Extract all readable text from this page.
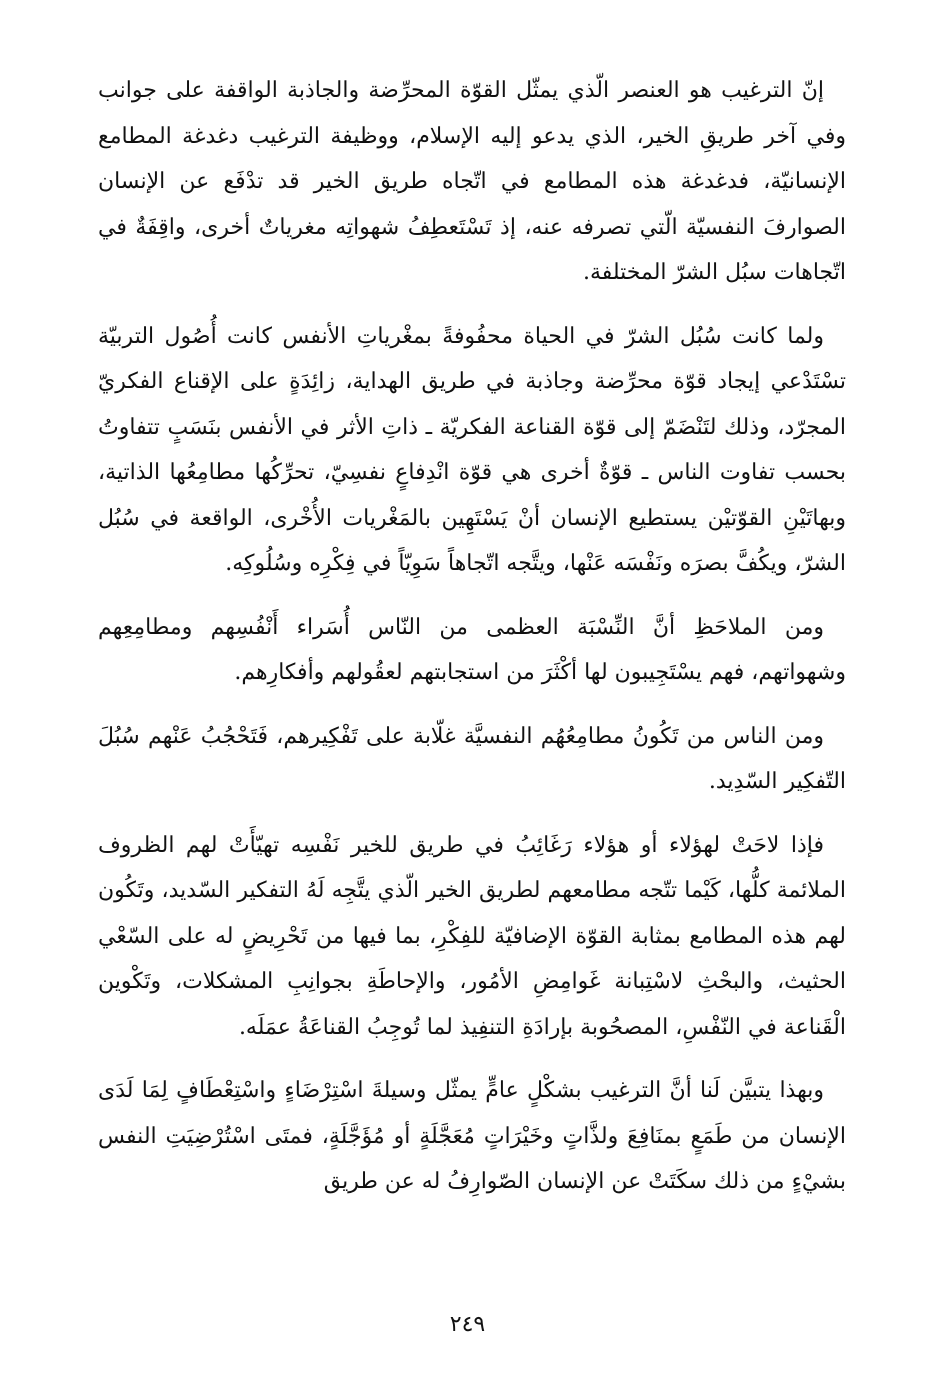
إنّ الترغيب هو العنصر الّذي يمثّل القوّة المحرِّضة والجاذبة الواقفة على جوانب وفي آخر طريقِ الخير، الذي يدعو إليه الإسلام، ووظيفة الترغيب دغدغة المطامع الإنسانيّة، فدغدغة هذه المطامع في اتّجاه طريق الخير قد تدْفَع عن الإنسان الصوارفَ النفسيّة الّتي تصرفه عنه، إذ تَسْتَعطِفُ شهواتِه مغرياتٌ أخرى، واقِفَةٌ في اتّجاهات سبُل الشرّ المختلفة.

ولما كانت سُبُل الشرّ في الحياة محفُوفةً بمغْرياتِ الأنفس كانت أُصُول التربيّة تسْتَدْعي إيجاد قوّة محرِّضة وجاذبة في طريق الهداية، زائِدَةٍ على الإقناع الفكريّ المجرّد، وذلك لتَنْضَمّ إلى قوّة القناعة الفكريّة ـ ذاتِ الأثر في الأنفس بنَسَبٍ تتفاوتُ بحسب تفاوت الناس ـ قوّةٌ أخرى هي قوّة انْدِفاعٍ نفسِيّ، تحرِّكُها مطامِعُها الذاتية، وبهاتَيْنِ القوّتيْن يستطيع الإنسان أنْ يَسْتَهِين بالمَغْريات الأُخْرى، الواقعة في سُبُل الشرّ، ويكُفَّ بصرَه ونَفْسَه عَنْها، ويتَّجه اتّجاهاً سَوِيّاً في فِكْرِه وسُلُوكِه.

ومن الملاحَظِ أنَّ النِّسْبَة العظمى من النّاس أُسَراء أَنْفُسِهم ومطامِعِهم وشهواتهم، فهم يسْتَجِيبون لها أكْثَرَ من استجابتهم لعقُولهم وأفكارِهم.

ومن الناس من تَكُونُ مطامِعُهُم النفسيَّة غلّابة على تَفْكِيرهم، فَتَحْجُبُ عَنْهم سُبُلَ التّفكِير السّدِيد.

فإذا لاحَتْ لهؤلاء أو هؤلاء رَغَائِبُ في طريق للخير نَفْسِه تهيّأَتْ لهم الظروف الملائمة كلُّها، كَيْما تتّجه مطامعهم لطريق الخير الّذي يتَّجِه لَهُ التفكير السّديد، وتَكُون لهم هذه المطامع بمثابة القوّة الإضافيّة للفِكْرِ، بما فيها من تَحْرِيضٍ له على السّعْي الحثيث، والبحْثِ لاسْتِبانة غَوامِضِ الأمُور، والإحاطَةِ بجوانِبِ المشكلات، وتَكْوين الْقَناعة في النّفْسِ، المصحُوبة بإرادَةِ التنفِيذ لما تُوجِبُ القناعَةُ عمَلَه.

وبهذا يتبيَّن لَنا أنَّ الترغيب بشكْلٍ عامٍّ يمثّل وسيلةَ اسْتِرْضَاءٍ واسْتِعْطَافٍ لِمَا لَدَى الإنسان من طَمَعٍ بمنَافِعَ ولذَّاتٍ وخَيْرَاتٍ مُعَجَّلَةٍ أو مُؤَجَّلَةٍ، فمتَى اسْتُرْضِيَتِ النفس بشيْءٍ من ذلك سكَتَتْ عن الإنسان الصّوارِفُ له عن طريق

٢٤٩
